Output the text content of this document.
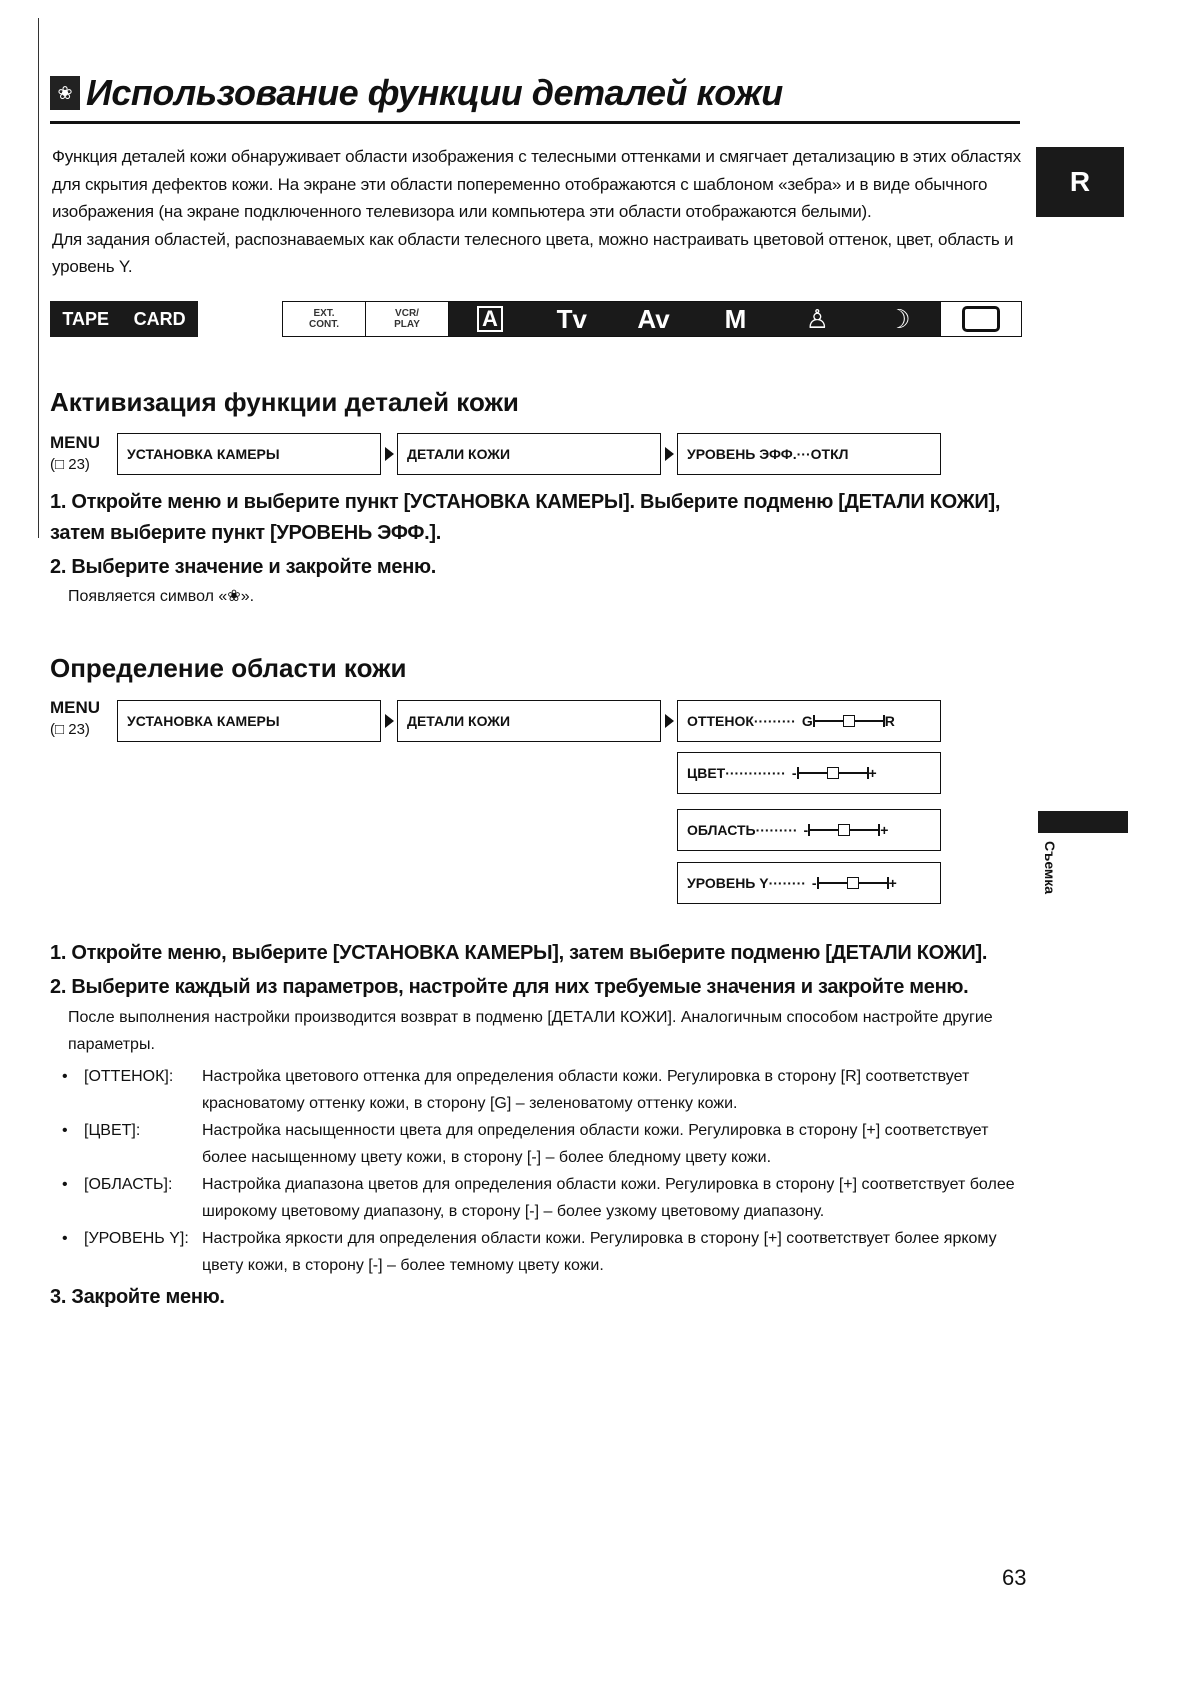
❀ Использование функции деталей кожи

Функция деталей кожи обнаруживает области изображения с телесными оттенками и смягчает детализацию в этих областях для скрытия дефектов кожи. На экране эти области попеременно отображаются с шаблоном «зебра» и в виде обычного изображения (на экране подключенного телевизора или компьютера эти области отображаются белыми).

Для задания областей, распознаваемых как области телесного цвета, можно настраивать цветовой оттенок, цвет, область и уровень Y.

R
Съемка
TAPE CARD	EXT.
CONT.
VCR/
PLAY	A	Tv	Av	M	♙	☽
Активизация функции деталей кожи
MENU
(□ 23)
УСТАНОВКА КАМЕРЫ	ДЕТАЛИ КОЖИ	УРОВЕНЬ ЭФФ.···ОТКЛ
1. Откройте меню и выберите пункт [УСТАНОВКА КАМЕРЫ]. Выберите подменю [ДЕТАЛИ КОЖИ], затем выберите пункт [УРОВЕНЬ ЭФФ.].
2. Выберите значение и закройте меню.
Появляется символ «❀».
Определение области кожи
MENU
(□ 23)	УСТАНОВКА КАМЕРЫ	ДЕТАЛИ КОЖИ	ОТТЕНОК········· G	R
ЦВЕТ············· -	+
ОБЛАСТЬ········· -	+
УРОВЕНЬ Y········ -	+
1. Откройте меню, выберите [УСТАНОВКА КАМЕРЫ], затем выберите подменю [ДЕТАЛИ КОЖИ].
2. Выберите каждый из параметров, настройте для них требуемые значения и закройте меню.
После выполнения настройки производится возврат в подменю [ДЕТАЛИ КОЖИ]. Аналогичным способом настройте другие параметры.
•	[ОТТЕНОК]:	Настройка цветового оттенка для определения области кожи. Регулировка в сторону [R] соответствует красноватому оттенку кожи, в сторону [G] – зеленоватому оттенку кожи.
•	[ЦВЕТ]:	Настройка насыщенности цвета для определения области кожи. Регулировка в сторону [+] соответствует более насыщенному цвету кожи, в сторону [-] – более бледному цвету кожи.
•	[ОБЛАСТЬ]:	Настройка диапазона цветов для определения области кожи. Регулировка в сторону [+] соответствует более широкому цветовому диапазону, в сторону [-] – более узкому цветовому диапазону.
•	[УРОВЕНЬ Y]: Настройка яркости для определения области кожи. Регулировка в сторону [+] соответствует более яркому цвету кожи, в сторону [-] – более темному цвету кожи.
3. Закройте меню.
63
